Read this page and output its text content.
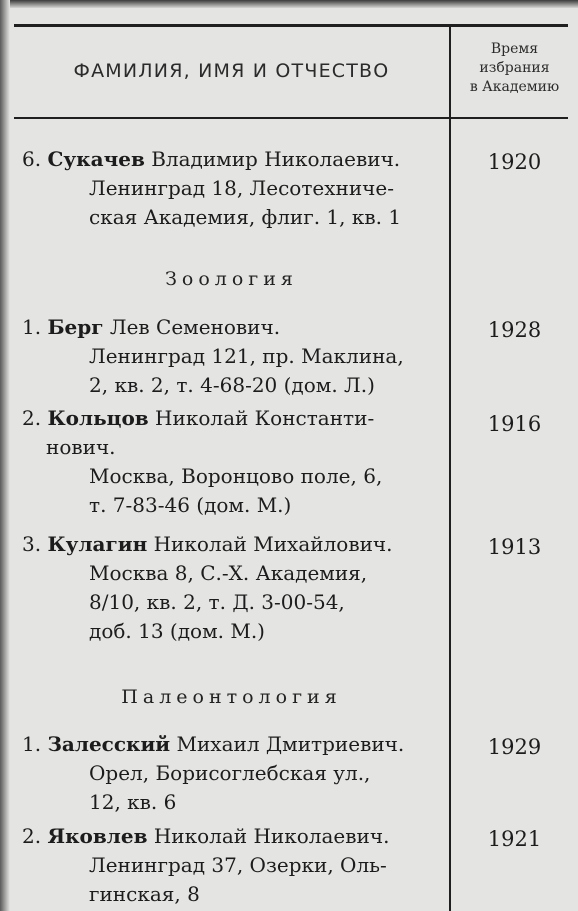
ФАМИЛИЯ, ИМЯ И ОТЧЕСТВО
Время
избрания
в Академию
6. Сукачев Владимир Николаевич.
Ленинград 18, Лесотехниче-
ская Академия, флиг. 1, кв. 1
1920
Зоология
1. Берг Лев Семенович.
Ленинград 121, пр. Маклина,
2, кв. 2, т. 4-68-20 (дом. Л.)
1928
2. Кольцов Николай Константи-
нович.
Москва, Воронцово поле, 6,
т. 7-83-46 (дом. М.)
1916
3. Кулагин Николай Михайлович.
Москва 8, С.-Х. Академия,
8/10, кв. 2, т. Д. 3-00-54,
доб. 13 (дом. М.)
1913
Палеонтология
1. Залесский Михаил Дмитриевич.
Орел, Борисоглебская ул.,
12, кв. 6
1929
2. Яковлев Николай Николаевич.
Ленинград 37, Озерки, Оль-
гинская, 8
1921
